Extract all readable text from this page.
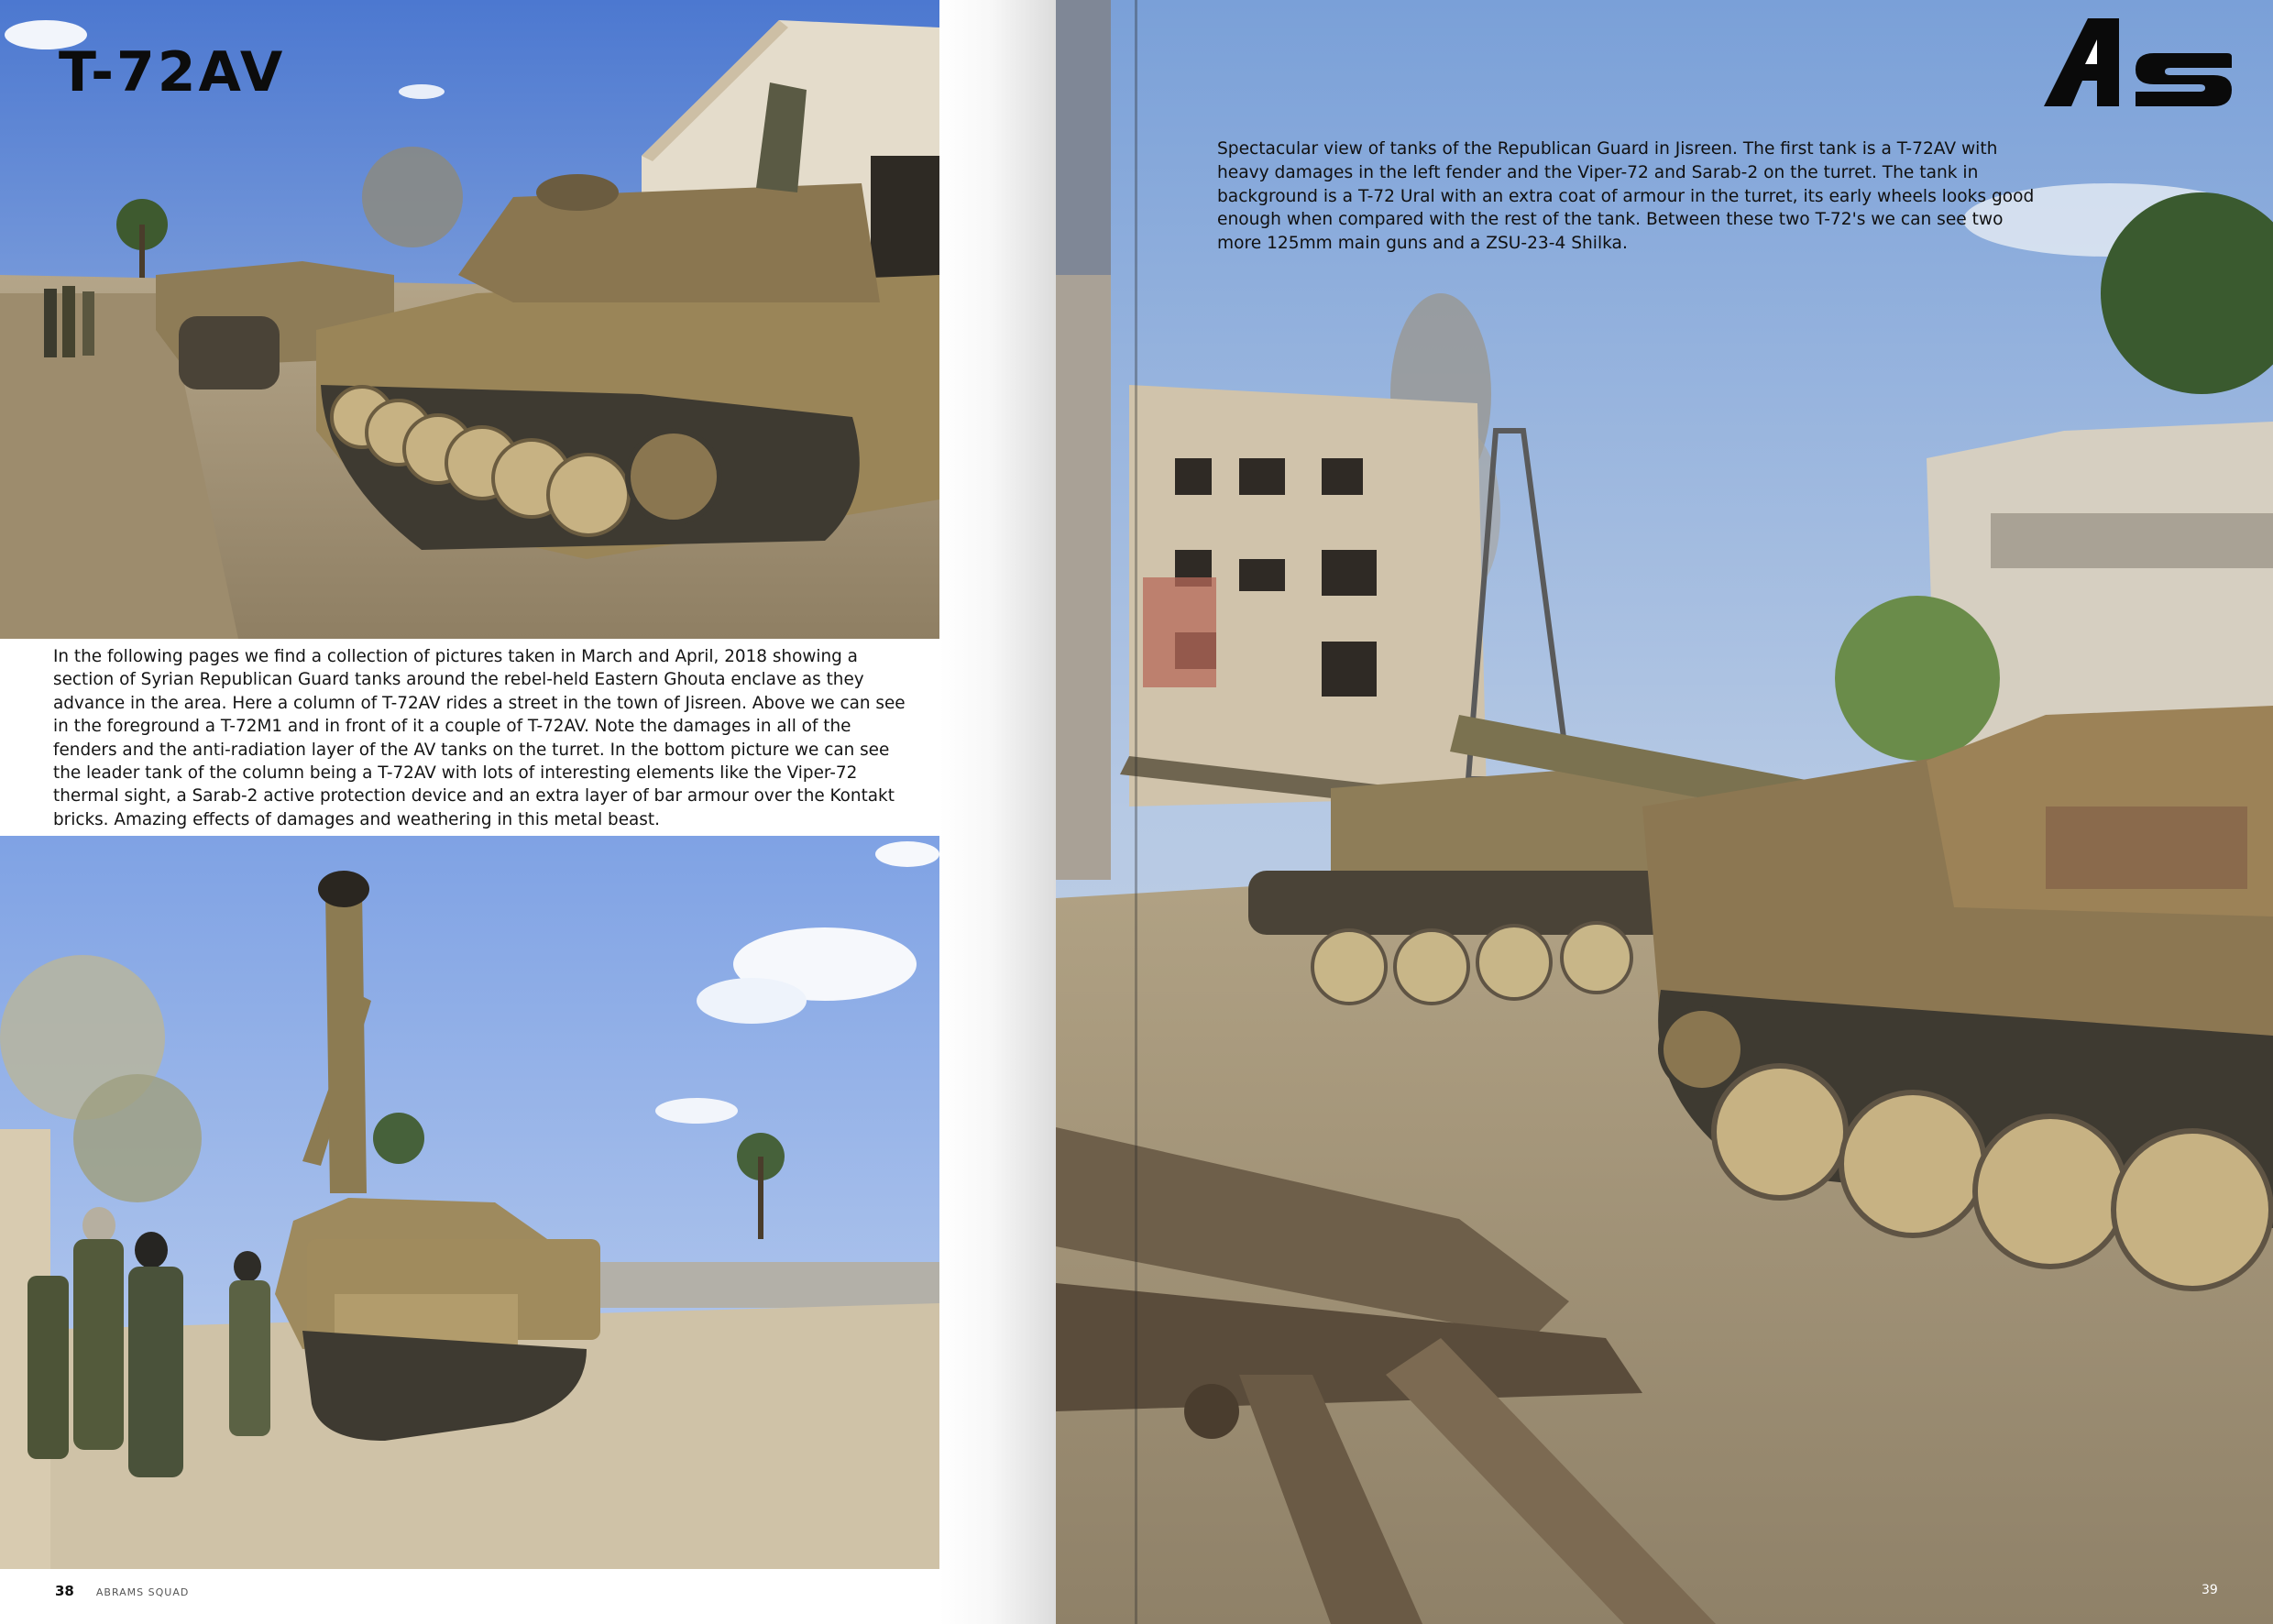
T-72AV

In the following pages we find a collection of pictures taken in March and April, 2018 showing a section of Syrian Republican Guard tanks around the rebel-held Eastern Ghouta enclave as they advance in the area. Here a column of T-72AV rides a street in the town of Jisreen. Above we can see in the foreground a T-72M1 and in front of it a couple of T-72AV. Note the damages in all of the fenders and the anti-radiation layer of the AV tanks on the turret. In the bottom picture we can see the leader tank of the column being a T-72AV with lots of interesting elements like the Viper-72 thermal sight, a Sarab-2 active protection device and an extra layer of bar armour over the Kontakt bricks. Amazing effects of damages and weathering in this metal beast.

38 ABRAMS SQUAD

Spectacular view of tanks of the Republican Guard in Jisreen. The first tank is a T-72AV with heavy damages in the left fender and the Viper-72 and Sarab-2 on the turret. The tank in background is a T-72 Ural with an extra coat of armour in the turret, its early wheels looks good enough when compared with the rest of the tank. Between these two T-72's we can see two more 125mm main guns and a ZSU-23-4 Shilka.

39
